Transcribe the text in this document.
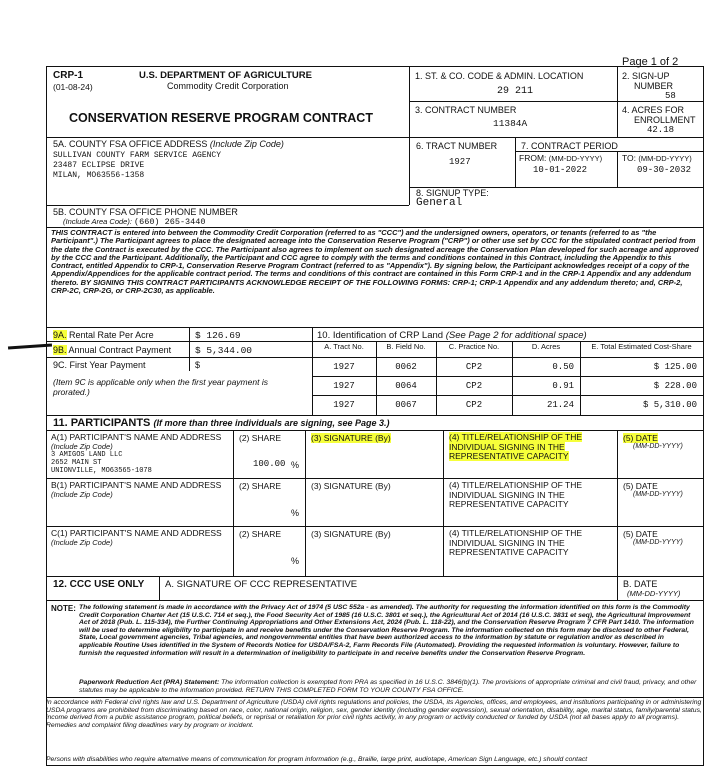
Page 1 of 2
CRP-1
(01-08-24)
U.S. DEPARTMENT OF AGRICULTURE
Commodity Credit Corporation
CONSERVATION RESERVE PROGRAM CONTRACT
1. ST. & CO. CODE & ADMIN. LOCATION
29 211
2. SIGN-UP
NUMBER
58
3. CONTRACT NUMBER
11384A
4. ACRES FOR
ENROLLMENT
42.18
5A. COUNTY FSA OFFICE ADDRESS (Include Zip Code)
SULLIVAN COUNTY FARM SERVICE AGENCY
23487 ECLIPSE DRIVE
MILAN, MO63556-1358
6. TRACT NUMBER
1927
7. CONTRACT PERIOD
FROM: (MM-DD-YYYY)
10-01-2022
TO: (MM-DD-YYYY)
09-30-2032
8. SIGNUP TYPE:
General
5B. COUNTY FSA OFFICE PHONE NUMBER
(Include Area Code): (660) 265-3440
THIS CONTRACT is entered into between the Commodity Credit Corporation (referred to as "CCC") and the undersigned owners, operators, or tenants (referred to as "the Participant".) The Participant agrees to place the designated acreage into the Conservation Reserve Program ("CRP") or other use set by CCC for the stipulated contract period from the date the Contract is executed by the CCC. The Participant also agrees to implement on such designated acreage the Conservation Plan developed for such acreage and approved by the CCC and the Participant. Additionally, the Participant and CCC agree to comply with the terms and conditions contained in this Contract, including the Appendix to this Contract, entitled Appendix to CRP-1, Conservation Reserve Program Contract (referred to as "Appendix"). By signing below, the Participant acknowledges receipt of a copy of the Appendix/Appendices for the applicable contract period. The terms and conditions of this contract are contained in this Form CRP-1 and in the CRP-1 Appendix and any addendum thereto. BY SIGNING THIS CONTRACT PARTICIPANTS ACKNOWLEDGE RECEIPT OF THE FOLLOWING FORMS: CRP-1; CRP-1 Appendix and any addendum thereto; and, CRP-2, CRP-2C, CRP-2G, or CRP-2C30, as applicable.
9A. Rental Rate Per Acre	$ 126.69
9B. Annual Contract Payment	$ 5,344.00
9C. First Year Payment	$
(Item 9C is applicable only when the first year payment is prorated.)
10. Identification of CRP Land (See Page 2 for additional space)
A. Tract No.	B. Field No.	C. Practice No.	D. Acres	E. Total Estimated Cost-Share
1927	0062	CP2	0.50	$ 125.00
1927	0064	CP2	0.91	$ 228.00
1927	0067	CP2	21.24	$ 5,310.00
11. PARTICIPANTS (If more than three individuals are signing, see Page 3.)
A(1) PARTICIPANT'S NAME AND ADDRESS (Include Zip Code)
3 AMIGOS LAND LLC
2652 MAIN ST
UNIONVILLE, MO63565-1078
(2) SHARE
100.00 %
(3) SIGNATURE (By)	(4) TITLE/RELATIONSHIP OF THE INDIVIDUAL SIGNING IN THE REPRESENTATIVE CAPACITY
(5) DATE
(MM-DD-YYYY)
B(1) PARTICIPANT'S NAME AND ADDRESS (Include Zip Code)
(2) SHARE
%
(3) SIGNATURE (By)	(4) TITLE/RELATIONSHIP OF THE INDIVIDUAL SIGNING IN THE REPRESENTATIVE CAPACITY
(5) DATE
(MM-DD-YYYY)
C(1) PARTICIPANT'S NAME AND ADDRESS (Include Zip Code)
(2) SHARE
%
(3) SIGNATURE (By)	(4) TITLE/RELATIONSHIP OF THE INDIVIDUAL SIGNING IN THE REPRESENTATIVE CAPACITY
(5) DATE
(MM-DD-YYYY)
12. CCC USE ONLY A. SIGNATURE OF CCC REPRESENTATIVE	B. DATE
(MM-DD-YYYY)
NOTE: The following statement is made in accordance with the Privacy Act of 1974 (5 USC 552a - as amended). The authority for requesting the information identified on this form is the Commodity Credit Corporation Charter Act (15 U.S.C. 714 et seq.), the Food Security Act of 1985 (16 U.S.C. 3801 et seq.), the Agricultural Act of 2014 (16 U.S.C. 3831 et seq), the Agricultural Improvement Act of 2018 (Pub. L. 115-334), the Further Continuing Appropriations and Other Extensions Act, 2024 (Pub. L. 118-22), and the Conservation Reserve Program 7 CFR Part 1410. The information will be used to determine eligibility to participate in and receive benefits under the Conservation Reserve Program. The information collected on this form may be disclosed to other Federal, State, Local government agencies, Tribal agencies, and nongovernmental entities that have been authorized access to the information by statute or regulation and/or as described in applicable Routine Uses identified in the System of Records Notice for USDA/FSA-2, Farm Records File (Automated). Providing the requested information is voluntary. However, failure to furnish the requested information will result in a determination of ineligibility to participate in and receive benefits under the Conservation Reserve Program.
Paperwork Reduction Act (PRA) Statement: The information collection is exempted from PRA as specified in 16 U.S.C. 3846(b)(1). The provisions of appropriate criminal and civil fraud, privacy, and other statutes may be applicable to the information provided. RETURN THIS COMPLETED FORM TO YOUR COUNTY FSA OFFICE.
In accordance with Federal civil rights law and U.S. Department of Agriculture (USDA) civil rights regulations and policies, the USDA, its Agencies, offices, and employees, and institutions participating in or administering USDA programs are prohibited from discriminating based on race, color, national origin, religion, sex, gender identity (including gender expression), sexual orientation, disability, age, marital status, family/parental status, income derived from a public assistance program, political beliefs, or reprisal or retaliation for prior civil rights activity, in any program or activity conducted or funded by USDA (not all bases apply to all programs). Remedies and complaint filing deadlines vary by program or incident.
Persons with disabilities who require alternative means of communication for program information (e.g., Braille, large print, audiotape, American Sign Language, etc.) should contact
